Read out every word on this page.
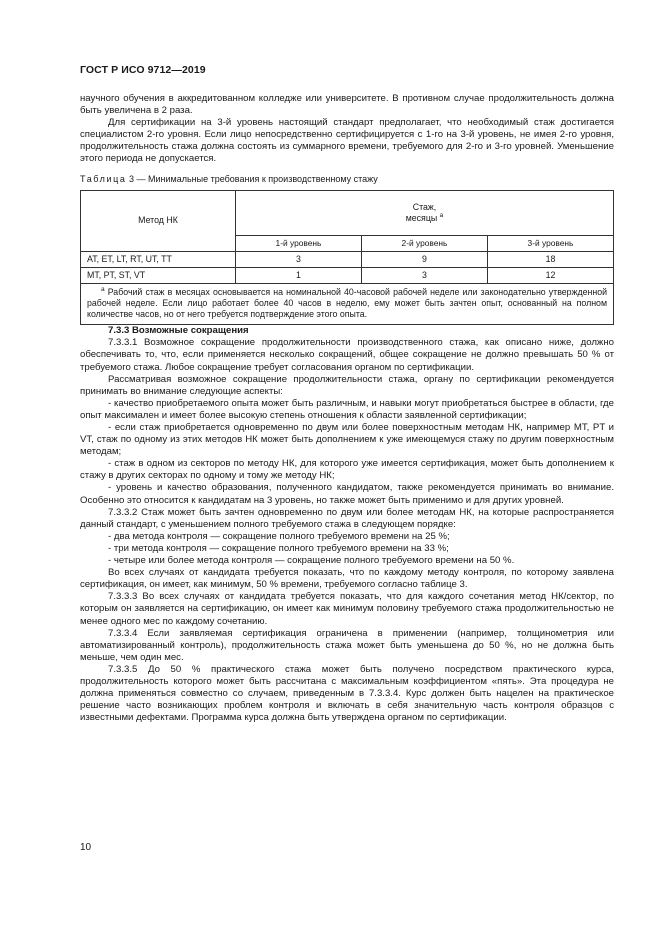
ГОСТ Р ИСО 9712—2019

научного обучения в аккредитованном колледже или университете. В противном случае продолжительность должна быть увеличена в 2 раза.

Для сертификации на 3-й уровень настоящий стандарт предполагает, что необходимый стаж достигается специалистом 2-го уровня. Если лицо непосредственно сертифицируется с 1-го на 3-й уровень, не имея 2-го уровня, продолжительность стажа должна состоять из суммарного времени, требуемого для 2-го и 3-го уровней. Уменьшение этого периода не допускается.

Таблица 3 — Минимальные требования к производственному стажу
Метод НК	Стаж,
месяцы $^a$
	1-й уровень	2-й уровень	3-й уровень
AT, ET, LT, RT, UT, TT	3	9	18
MT, PT, ST, VT	1	3	12
$^a$ Рабочий стаж в месяцах основывается на номинальной 40-часовой рабочей неделе или законодательно утвержденной рабочей неделе. Если лицо работает более 40 часов в неделю, ему может быть зачтен опыт, основанный на полном количестве часов, но от него требуется подтверждение этого опыта.			

7.3.3 Возможные сокращения

7.3.3.1 Возможное сокращение продолжительности производственного стажа, как описано ниже, должно обеспечивать то, что, если применяется несколько сокращений, общее сокращение не должно превышать 50 % от требуемого стажа. Любое сокращение требует согласования органом по сертификации.

Рассматривая возможное сокращение продолжительности стажа, органу по сертификации рекомендуется принимать во внимание следующие аспекты:

- качество приобретаемого опыта может быть различным, и навыки могут приобретаться быстрее в области, где опыт максимален и имеет более высокую степень отношения к области заявленной сертификации;

- если стаж приобретается одновременно по двум или более поверхностным методам НК, например MT, PT и VT, стаж по одному из этих методов НК может быть дополнением к уже имеющемуся стажу по другим поверхностным методам;

- стаж в одном из секторов по методу НК, для которого уже имеется сертификация, может быть дополнением к стажу в других секторах по одному и тому же методу НК;

- уровень и качество образования, полученного кандидатом, также рекомендуется принимать во внимание. Особенно это относится к кандидатам на 3 уровень, но также может быть применимо и для других уровней.

7.3.3.2 Стаж может быть зачтен одновременно по двум или более методам НК, на которые распространяется данный стандарт, с уменьшением полного требуемого стажа в следующем порядке:

- два метода контроля — сокращение полного требуемого времени на 25 %;

- три метода контроля — сокращение полного требуемого времени на 33 %;

- четыре или более метода контроля — сокращение полного требуемого времени на 50 %.

Во всех случаях от кандидата требуется показать, что по каждому методу контроля, по которому заявлена сертификация, он имеет, как минимум, 50 % времени, требуемого согласно таблице 3.

7.3.3.3 Во всех случаях от кандидата требуется показать, что для каждого сочетания метод НК/сектор, по которым он заявляется на сертификацию, он имеет как минимум половину требуемого стажа продолжительностью не менее одного мес по каждому сочетанию.

7.3.3.4 Если заявляемая сертификация ограничена в применении (например, толщинометрия или автоматизированный контроль), продолжительность стажа может быть уменьшена до 50 %, но не должна быть меньше, чем один мес.

7.3.3.5 До 50 % практического стажа может быть получено посредством практического курса, продолжительность которого может быть рассчитана с максимальным коэффициентом «пять». Эта процедура не должна применяться совместно со случаем, приведенным в 7.3.3.4. Курс должен быть нацелен на практическое решение часто возникающих проблем контроля и включать в себя значительную часть контроля образцов с известными дефектами. Программа курса должна быть утверждена органом по сертификации.

10
